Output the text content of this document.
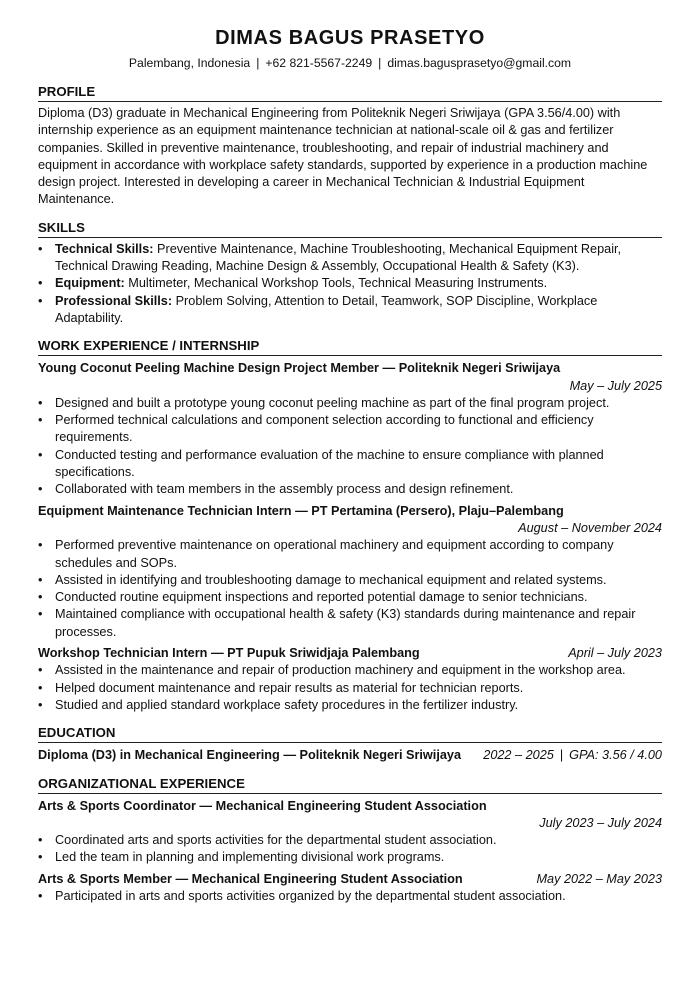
DIMAS BAGUS PRASETYO
Palembang, Indonesia | +62 821-5567-2249 | dimas.bagusprasetyo@gmail.com
PROFILE

Diploma (D3) graduate in Mechanical Engineering from Politeknik Negeri Sriwijaya (GPA 3.56/4.00) with internship experience as an equipment maintenance technician at national-scale oil & gas and fertilizer companies. Skilled in preventive maintenance, troubleshooting, and repair of industrial machinery and equipment in accordance with workplace safety standards, supported by experience in a production machine design project. Interested in developing a career in Mechanical Technician & Industrial Equipment Maintenance.

SKILLS
• Technical Skills: Preventive Maintenance, Machine Troubleshooting, Mechanical Equipment Repair, Technical Drawing Reading, Machine Design & Assembly, Occupational Health & Safety (K3).
• Equipment: Multimeter, Mechanical Workshop Tools, Technical Measuring Instruments.
• Professional Skills: Problem Solving, Attention to Detail, Teamwork, SOP Discipline, Workplace Adaptability.
WORK EXPERIENCE / INTERNSHIP
Young Coconut Peeling Machine Design Project Member — Politeknik Negeri Sriwijaya
May – July 2025
• Designed and built a prototype young coconut peeling machine as part of the final program project.
• Performed technical calculations and component selection according to functional and efficiency requirements.
• Conducted testing and performance evaluation of the machine to ensure compliance with planned specifications.
• Collaborated with team members in the assembly process and design refinement.
Equipment Maintenance Technician Intern — PT Pertamina (Persero), Plaju–Palembang
August – November 2024
• Performed preventive maintenance on operational machinery and equipment according to company schedules and SOPs.
• Assisted in identifying and troubleshooting damage to mechanical equipment and related systems.
• Conducted routine equipment inspections and reported potential damage to senior technicians.
• Maintained compliance with occupational health & safety (K3) standards during maintenance and repair processes.
Workshop Technician Intern — PT Pupuk Sriwidjaja Palembang	April – July 2023
• Assisted in the maintenance and repair of production machinery and equipment in the workshop area.
• Helped document maintenance and repair results as material for technician reports.
• Studied and applied standard workplace safety procedures in the fertilizer industry.
EDUCATION
Diploma (D3) in Mechanical Engineering — Politeknik Negeri Sriwijaya 2022 – 2025 | GPA: 3.56 / 4.00
ORGANIZATIONAL EXPERIENCE
Arts & Sports Coordinator — Mechanical Engineering Student Association
July 2023 – July 2024
• Coordinated arts and sports activities for the departmental student association.
• Led the team in planning and implementing divisional work programs.
Arts & Sports Member — Mechanical Engineering Student Association	May 2022 – May 2023
• Participated in arts and sports activities organized by the departmental student association.
